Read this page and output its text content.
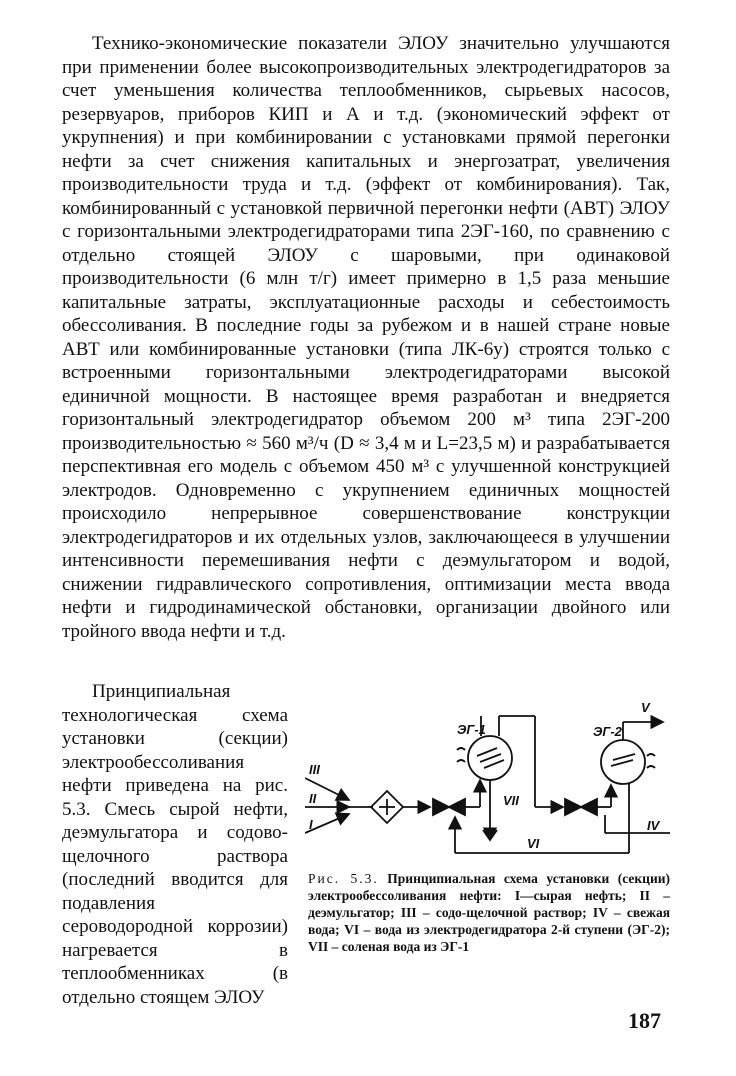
Технико-экономические показатели ЭЛОУ значительно улучшаются при применении более высокопроизводительных электродегидраторов за счет уменьшения количества теплообменников, сырьевых насосов, резервуаров, приборов КИП и А и т.д. (экономический эффект от укрупнения) и при комбинировании с установками прямой перегонки нефти за счет снижения капитальных и энергозатрат, увеличения производительности труда и т.д. (эффект от комбинирования). Так, комбинированный с установкой первичной перегонки нефти (АВТ) ЭЛОУ с горизонтальными электродегидраторами типа 2ЭГ-160, по сравнению с отдельно стоящей ЭЛОУ с шаровыми, при одинаковой производительности (6 млн т/г) имеет примерно в 1,5 раза меньшие капитальные затраты, эксплуатационные расходы и себестоимость обессоливания. В последние годы за рубежом и в нашей стране новые АВТ или комбинированные установки (типа ЛК-6у) строятся только с встроенными горизонтальными электродегидраторами высокой единичной мощности. В настоящее время разработан и внедряется горизонтальный электродегидратор объемом 200 м³ типа 2ЭГ-200 производительностью ≈ 560 м³/ч (D ≈ 3,4 м и L=23,5 м) и разрабатывается перспективная его модель с объемом 450 м³ с улучшенной конструкцией электродов. Одновременно с укрупнением единичных мощностей происходило непрерывное совершенствование конструкции электродегидраторов и их отдельных узлов, заключающееся в улучшении интенсивности перемешивания нефти с деэмульгатором и водой, снижении гидравлического сопротивления, оптимизации места ввода нефти и гидродинамической обстановки, организации двойного или тройного ввода нефти и т.д.

Принципиальная технологическая схема установки (секции) электрообессоливания нефти приведена на рис. 5.3. Смесь сырой нефти, деэмульгатора и содово-щелочного раствора (последний вводится для подавления сероводородной коррозии) нагревается в теплообменниках (в отдельно стоящем ЭЛОУ

ЭГ-1	ЭГ-2
III
II
I	IV
V
VI
VII

Рис. 5.3. Принципиальная схема установки (секции) электрообессоливания нефти: I—сырая нефть; II – деэмульгатор; III – содо-щелочной раствор; IV – свежая вода; VI – вода из электродегидратора 2-й ступени (ЭГ-2); VII – соленая вода из ЭГ-1

187
